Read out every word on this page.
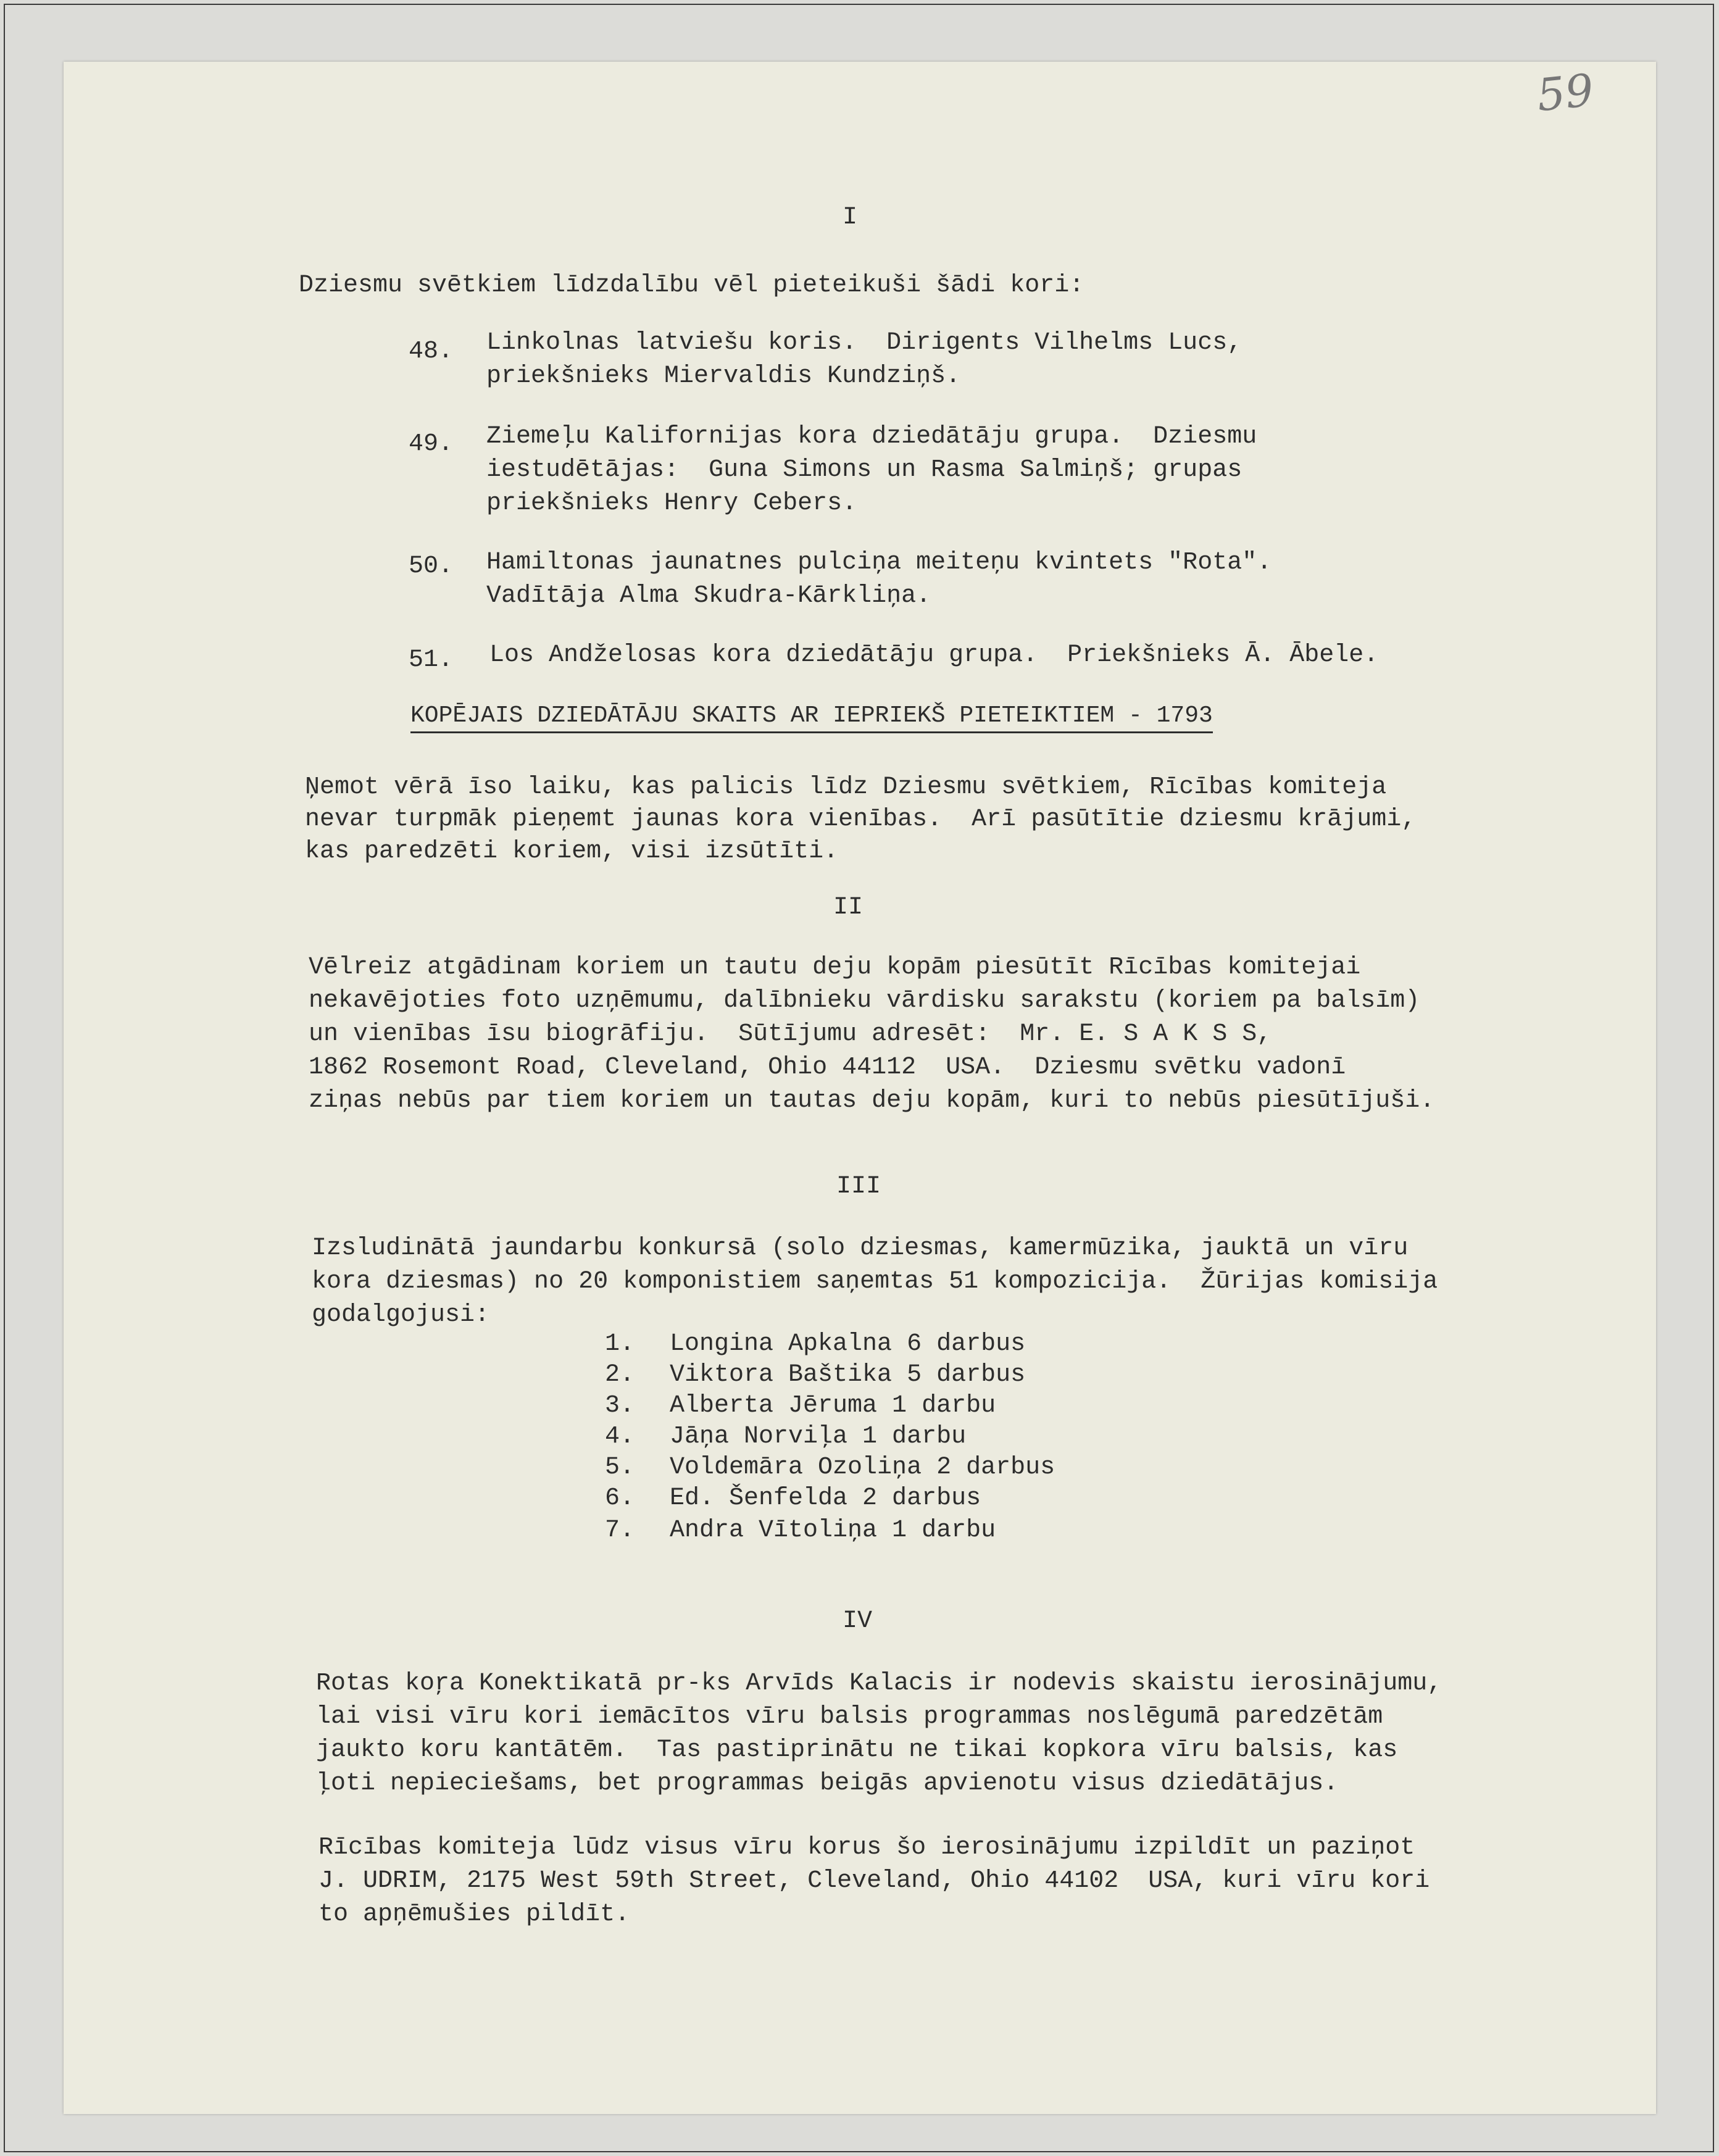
59
I
Dziesmu svētkiem līdzdalību vēl pieteikuši šādi kori:
48. Linkolnas latviešu koris.  Dirigents Vilhelms Lucs,
priekšnieks Miervaldis Kundziņš.
49. Ziemeļu Kalifornijas kora dziedātāju grupa.  Dziesmu
iestudētājas:  Guna Simons un Rasma Salmiņš; grupas
priekšnieks Henry Cebers.
50. Hamiltonas jaunatnes pulciņa meiteņu kvintets "Rota".
Vadītāja Alma Skudra-Kārkliņa.
51. Los Andželosas kora dziedātāju grupa.  Priekšnieks Ā. Ābele.
KOPĒJAIS DZIEDĀTĀJU SKAITS AR IEPRIEKŠ PIETEIKTIEM - 1793
Ņemot vērā īso laiku, kas palicis līdz Dziesmu svētkiem, Rīcības komiteja
nevar turpmāk pieņemt jaunas kora vienības.  Arī pasūtītie dziesmu krājumi,
kas paredzēti koriem, visi izsūtīti.
II
Vēlreiz atgādinam koriem un tautu deju kopām piesūtīt Rīcības komitejai
nekavējoties foto uzņēmumu, dalībnieku vārdisku sarakstu (koriem pa balsīm)
un vienības īsu biogrāfiju.  Sūtījumu adresēt:  Mr. E. S A K S S,
1862 Rosemont Road, Cleveland, Ohio 44112  USA.  Dziesmu svētku vadonī
ziņas nebūs par tiem koriem un tautas deju kopām, kuri to nebūs piesūtījuši.
III
Izsludinātā jaundarbu konkursā (solo dziesmas, kamermūzika, jauktā un vīru
kora dziesmas) no 20 komponistiem saņemtas 51 kompozicija.  Žūrijas komisija
godalgojusi:
1. Longina Apkalna 6 darbus
2. Viktora Baštika 5 darbus
3. Alberta Jēruma 1 darbu
4. Jāņa Norviļa 1 darbu
5. Voldemāra Ozoliņa 2 darbus
6. Ed. Šenfelda 2 darbus
7. Andra Vītoliņa 1 darbu
IV
Rotas koŗa Konektikatā pr-ks Arvīds Kalacis ir nodevis skaistu ierosinājumu,
lai visi vīru kori iemācītos vīru balsis programmas noslēgumā paredzētām
jaukto koru kantātēm.  Tas pastiprinātu ne tikai kopkora vīru balsis, kas
ļoti nepieciešams, bet programmas beigās apvienotu visus dziedātājus.
Rīcības komiteja lūdz visus vīru korus šo ierosinājumu izpildīt un paziņot
J. UDRIM, 2175 West 59th Street, Cleveland, Ohio 44102  USA, kuri vīru kori
to apņēmušies pildīt.
